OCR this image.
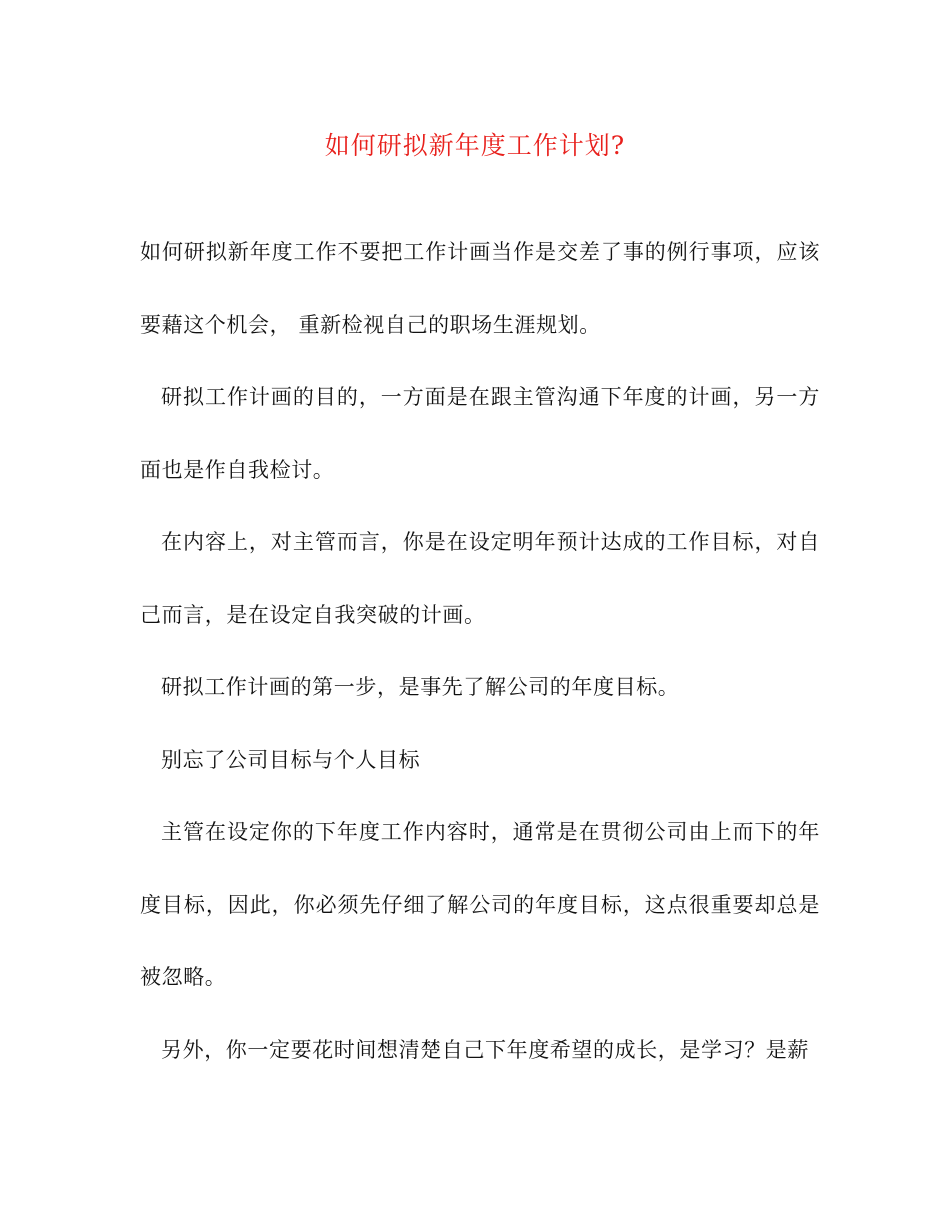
如何研拟新年度工作计划?

如何研拟新年度工作不要把工作计画当作是交差了事的例行事项，应该要藉这个机会， 重新检视自己的职场生涯规划。

研拟工作计画的目的，一方面是在跟主管沟通下年度的计画，另一方面也是作自我检讨。

在内容上，对主管而言，你是在设定明年预计达成的工作目标，对自己而言，是在设定自我突破的计画。

研拟工作计画的第一步，是事先了解公司的年度目标。

别忘了公司目标与个人目标

主管在设定你的下年度工作内容时，通常是在贯彻公司由上而下的年度目标，因此，你必须先仔细了解公司的年度目标，这点很重要却总是被忽略。

另外，你一定要花时间想清楚自己下年度希望的成长，是学习？是薪
